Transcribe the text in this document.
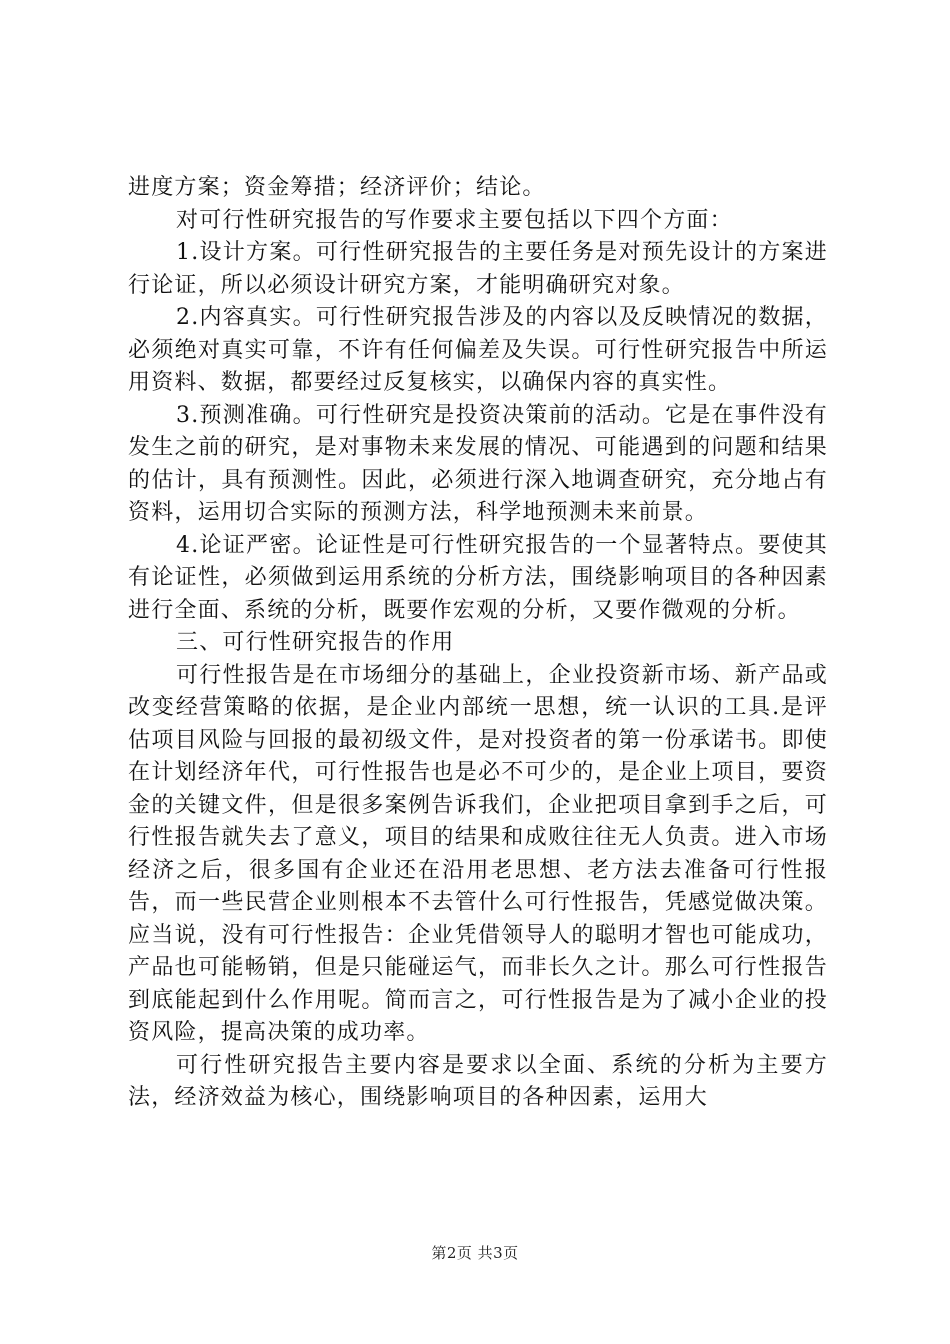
进度方案；资金筹措；经济评价；结论。

对可行性研究报告的写作要求主要包括以下四个方面：

1.设计方案。可行性研究报告的主要任务是对预先设计的方案进行论证，所以必须设计研究方案，才能明确研究对象。

2.内容真实。可行性研究报告涉及的内容以及反映情况的数据，必须绝对真实可靠，不许有任何偏差及失误。可行性研究报告中所运用资料、数据，都要经过反复核实，以确保内容的真实性。

3.预测准确。可行性研究是投资决策前的活动。它是在事件没有发生之前的研究，是对事物未来发展的情况、可能遇到的问题和结果的估计，具有预测性。因此，必须进行深入地调查研究，充分地占有资料，运用切合实际的预测方法，科学地预测未来前景。

4.论证严密。论证性是可行性研究报告的一个显著特点。要使其有论证性，必须做到运用系统的分析方法，围绕影响项目的各种因素进行全面、系统的分析，既要作宏观的分析，又要作微观的分析。

三、可行性研究报告的作用

可行性报告是在市场细分的基础上，企业投资新市场、新产品或改变经营策略的依据，是企业内部统一思想，统一认识的工具.是评估项目风险与回报的最初级文件，是对投资者的第一份承诺书。即使在计划经济年代，可行性报告也是必不可少的，是企业上项目，要资金的关键文件，但是很多案例告诉我们，企业把项目拿到手之后，可行性报告就失去了意义，项目的结果和成败往往无人负责。进入市场经济之后，很多国有企业还在沿用老思想、老方法去准备可行性报告，而一些民营企业则根本不去管什么可行性报告，凭感觉做决策。应当说，没有可行性报告：企业凭借领导人的聪明才智也可能成功，产品也可能畅销，但是只能碰运气，而非长久之计。那么可行性报告到底能起到什么作用呢。简而言之，可行性报告是为了减小企业的投资风险，提高决策的成功率。

可行性研究报告主要内容是要求以全面、系统的分析为主要方法，经济效益为核心，围绕影响项目的各种因素，运用大

第2页 共3页
